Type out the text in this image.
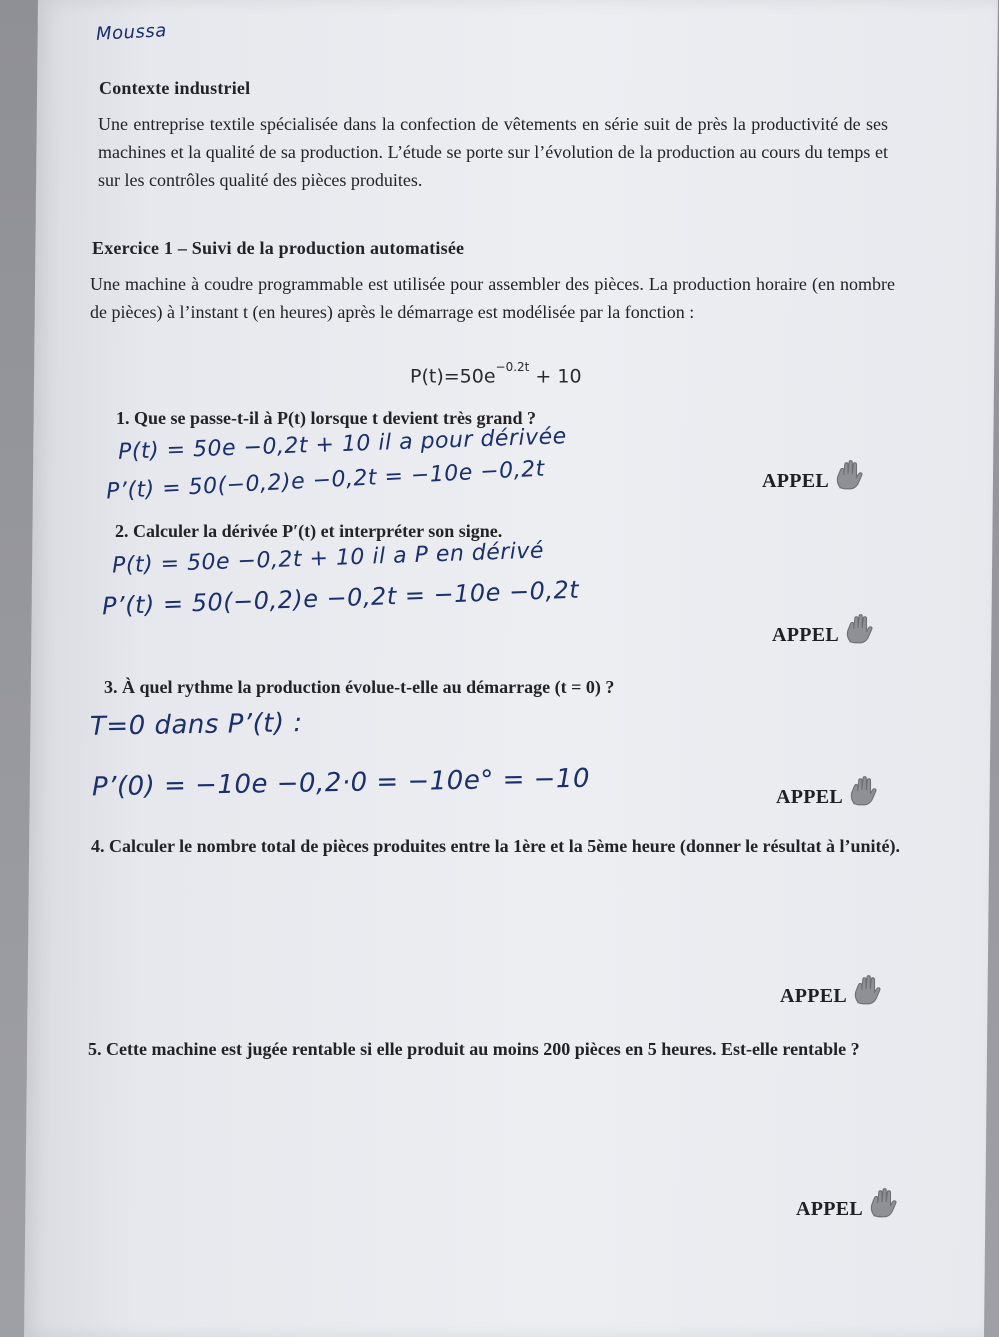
Moussa
Contexte industriel
Une entreprise textile spécialisée dans la confection de vêtements en série suit de près la productivité de ses machines et la qualité de sa production. L’étude se porte sur l’évolution de la production au cours du temps et sur les contrôles qualité des pièces produites.
Exercice 1 – Suivi de la production automatisée
Une machine à coudre programmable est utilisée pour assembler des pièces. La production horaire (en nombre de pièces) à l’instant t (en heures) après le démarrage est modélisée par la fonction :
$P(t)=50e^{-0.2t} + 10$
1. Que se passe-t-il à P(t) lorsque t devient très grand ?
P(t) = 50e −0,2t + 10 il a pour dérivée
P’(t) = 50(−0,2)e −0,2t = −10e −0,2t	APPEL
2. Calculer la dérivée P′(t) et interpréter son signe.
P(t) = 50e −0,2t + 10 il a P en dérivé
P’(t) = 50(−0,2)e −0,2t = −10e −0,2t
APPEL
3. À quel rythme la production évolue-t-elle au démarrage (t = 0) ?
T=0 dans P’(t) :
P’(0) = −10e −0,2·0 = −10e° = −10	APPEL
4. Calculer le nombre total de pièces produites entre la 1ère et la 5ème heure (donner le résultat à l’unité).
APPEL
5. Cette machine est jugée rentable si elle produit au moins 200 pièces en 5 heures. Est-elle rentable ?
APPEL
